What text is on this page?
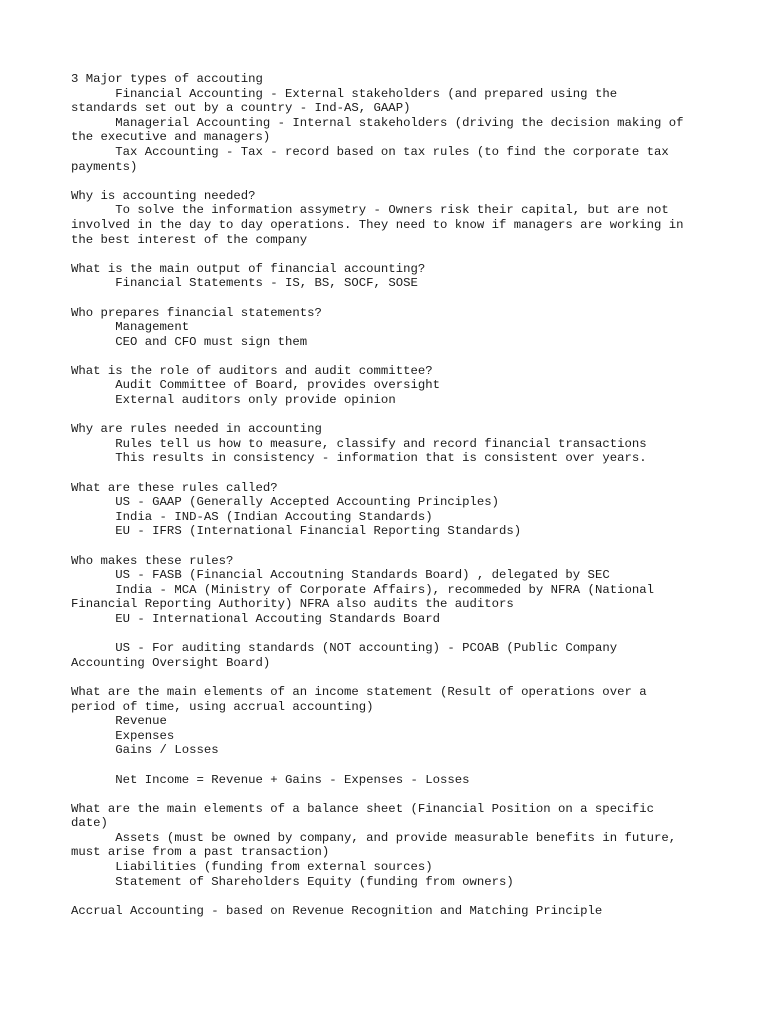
3 Major types of accouting
Financial Accounting - External stakeholders (and prepared using the
standards set out by a country - Ind-AS, GAAP)
Managerial Accounting - Internal stakeholders (driving the decision making of
the executive and managers)
Tax Accounting - Tax - record based on tax rules (to find the corporate tax
payments)
Why is accounting needed?
To solve the information assymetry - Owners risk their capital, but are not
involved in the day to day operations. They need to know if managers are working in
the best interest of the company
What is the main output of financial accounting?
Financial Statements - IS, BS, SOCF, SOSE
Who prepares financial statements?
Management
CEO and CFO must sign them
What is the role of auditors and audit committee?
Audit Committee of Board, provides oversight
External auditors only provide opinion
Why are rules needed in accounting
Rules tell us how to measure, classify and record financial transactions
This results in consistency - information that is consistent over years.
What are these rules called?
US - GAAP (Generally Accepted Accounting Principles)
India - IND-AS (Indian Accouting Standards)
EU - IFRS (International Financial Reporting Standards)
Who makes these rules?
US - FASB (Financial Accoutning Standards Board) , delegated by SEC
India - MCA (Ministry of Corporate Affairs), recommeded by NFRA (National
Financial Reporting Authority) NFRA also audits the auditors
EU - International Accouting Standards Board
US - For auditing standards (NOT accounting) - PCOAB (Public Company
Accounting Oversight Board)
What are the main elements of an income statement (Result of operations over a
period of time, using accrual accounting)
Revenue
Expenses
Gains / Losses
Net Income = Revenue + Gains - Expenses - Losses
What are the main elements of a balance sheet (Financial Position on a specific
date)
Assets (must be owned by company, and provide measurable benefits in future,
must arise from a past transaction)
Liabilities (funding from external sources)
Statement of Shareholders Equity (funding from owners)
Accrual Accounting - based on Revenue Recognition and Matching Principle
